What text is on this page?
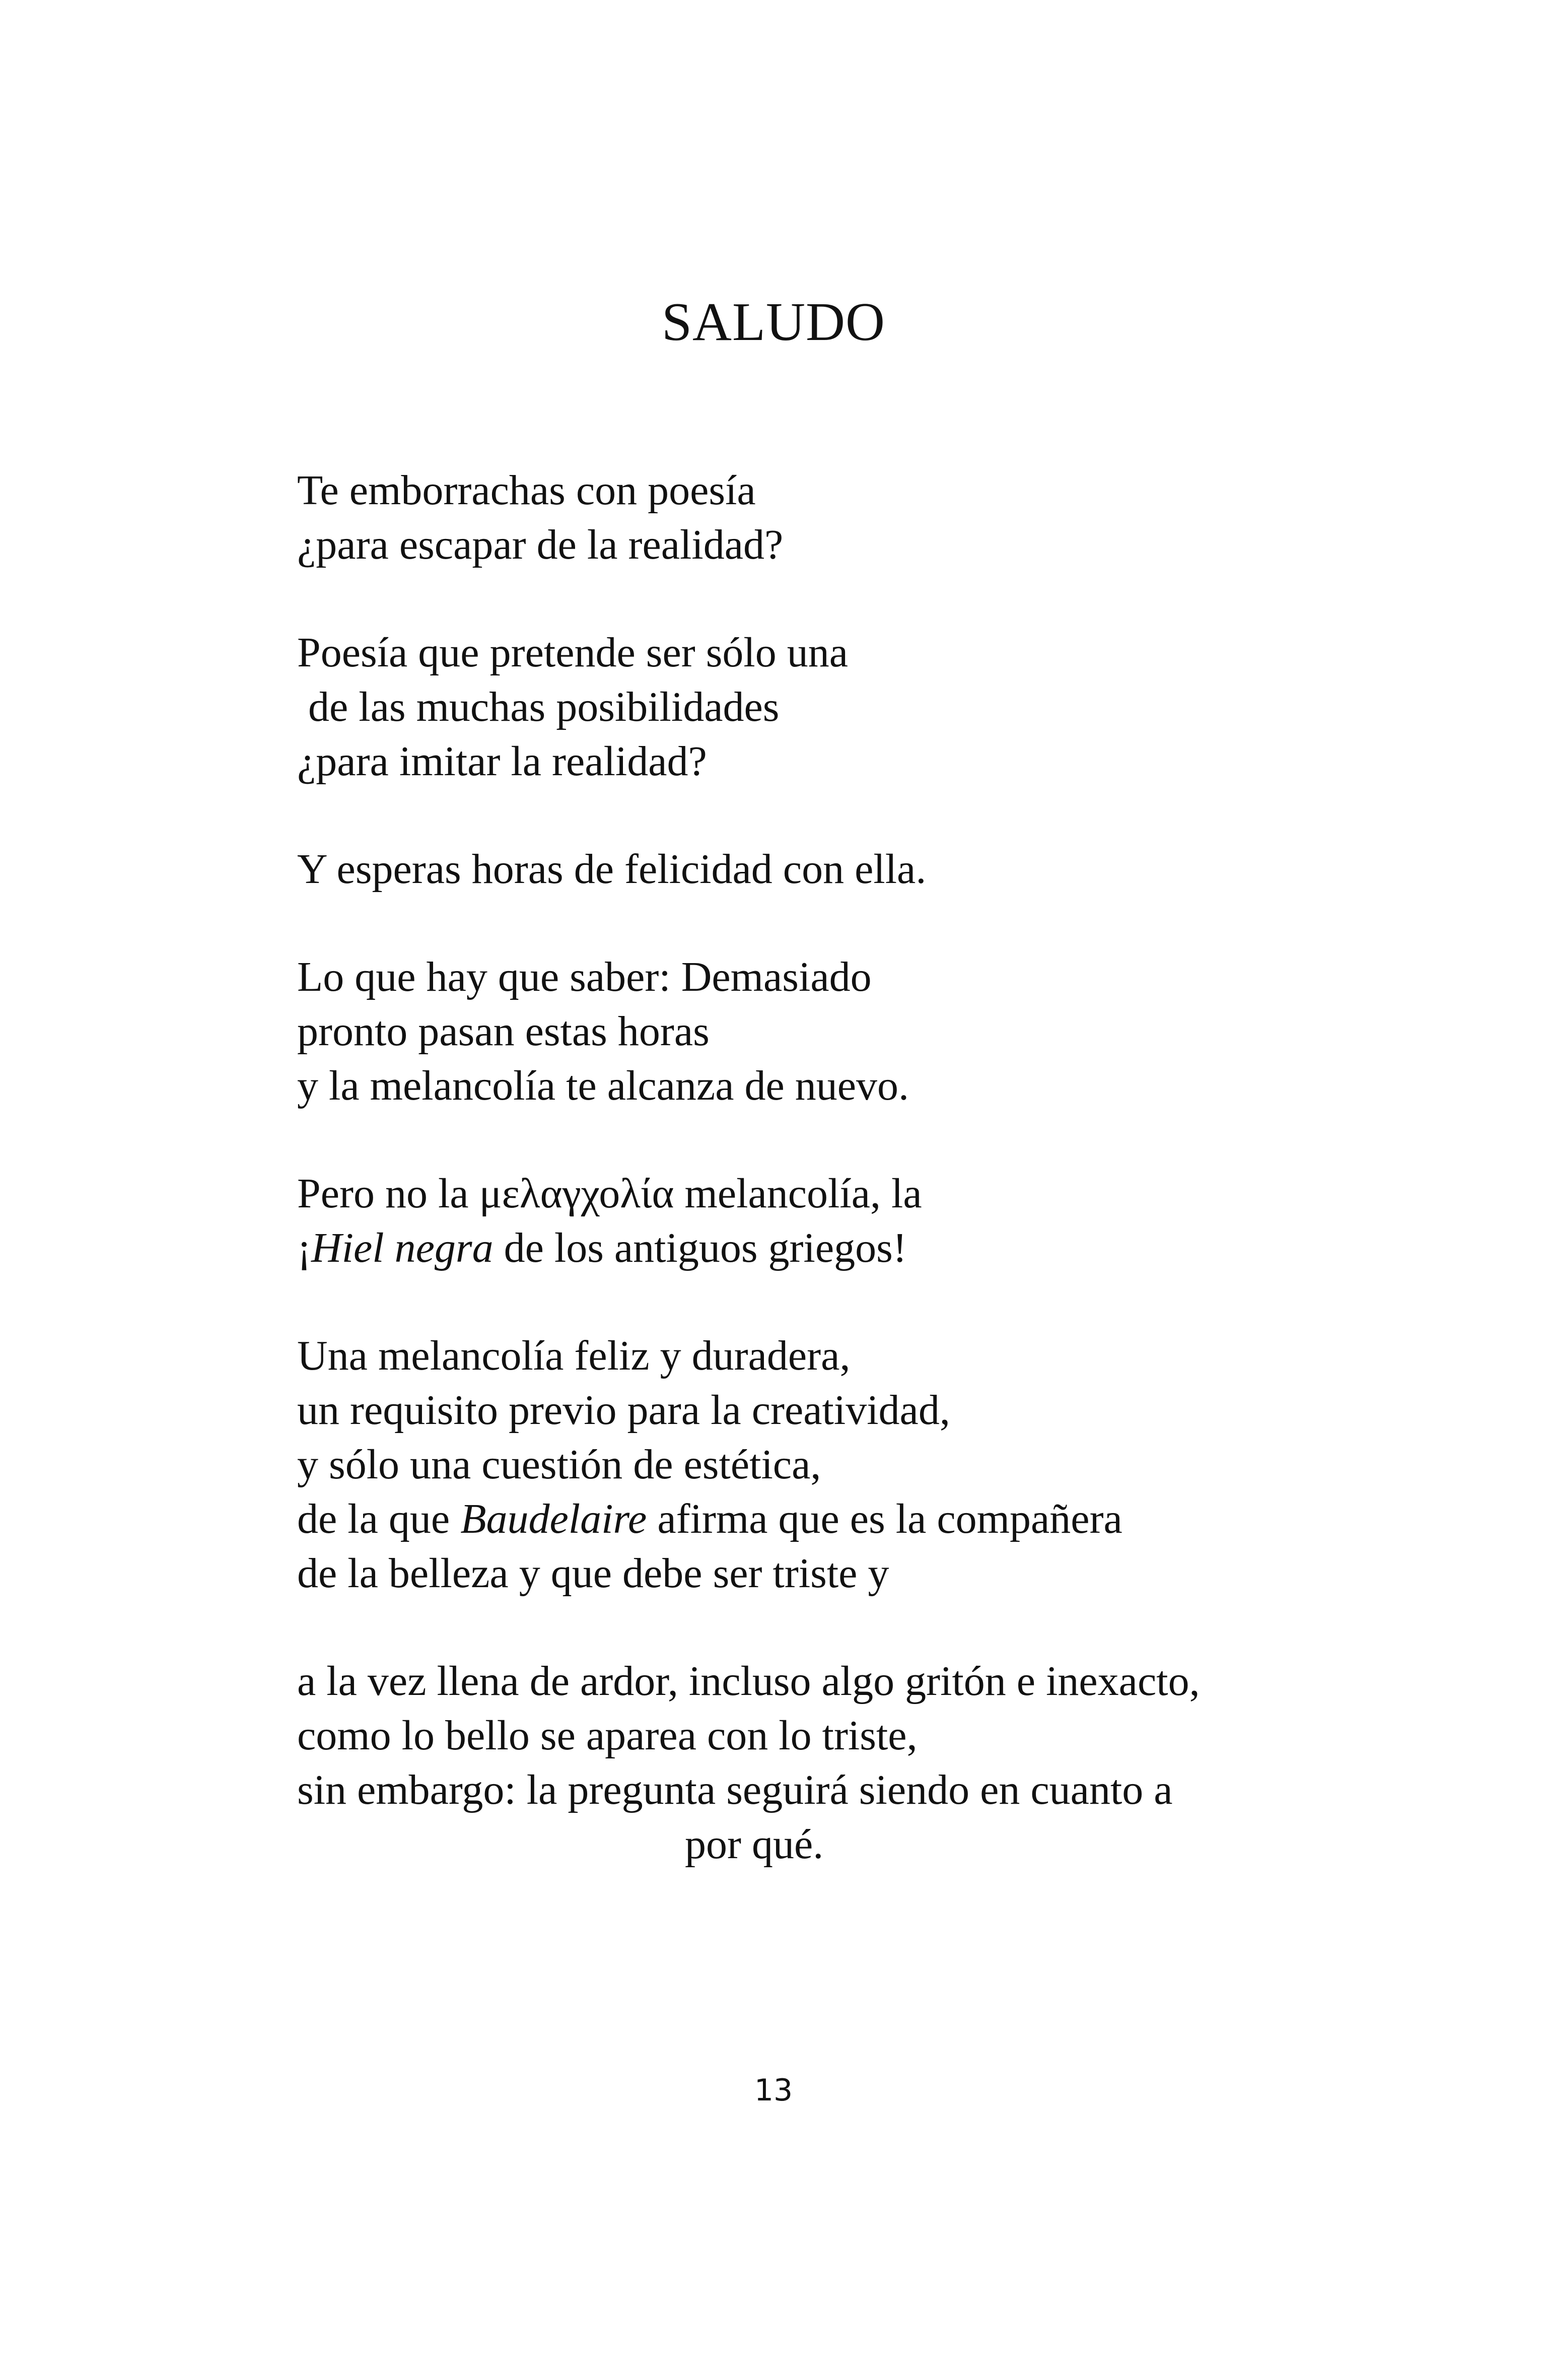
SALUDO
Te emborrachas con poesía
¿para escapar de la realidad?
Poesía que pretende ser sólo una
de las muchas posibilidades
¿para imitar la realidad?
Y esperas horas de felicidad con ella.
Lo que hay que saber: Demasiado
pronto pasan estas horas
y la melancolía te alcanza de nuevo.
Pero no la μελαγχολία melancolía, la
¡Hiel negra de los antiguos griegos!
Una melancolía feliz y duradera,
un requisito previo para la creatividad,
y sólo una cuestión de estética,
de la que Baudelaire afirma que es la compañera
de la belleza y que debe ser triste y
a la vez llena de ardor, incluso algo gritón e inexacto,
como lo bello se aparea con lo triste,
sin embargo: la pregunta seguirá siendo en cuanto a
por qué.
13
